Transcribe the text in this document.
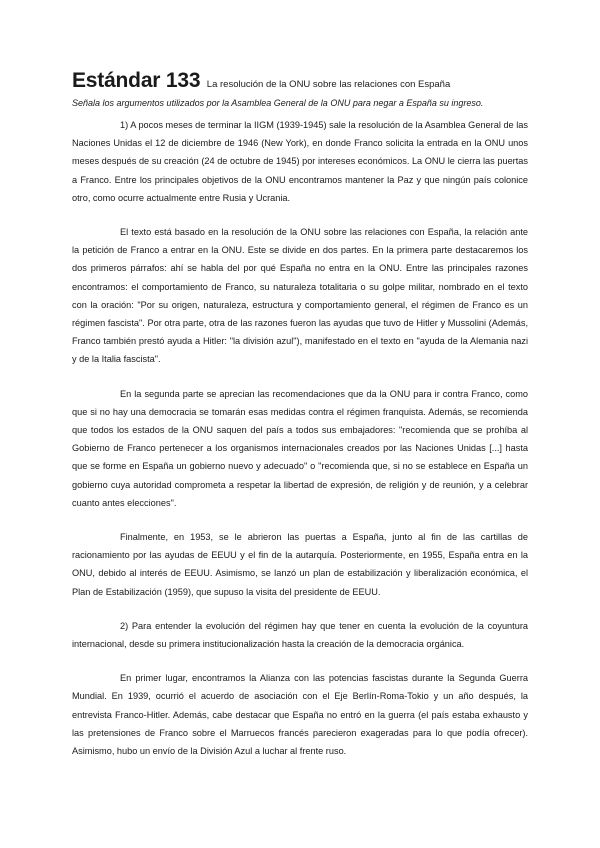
Estándar 133 La resolución de la ONU sobre las relaciones con España
Señala los argumentos utilizados por la Asamblea General de la ONU para negar a España su ingreso.

1) A pocos meses de terminar la IIGM (1939-1945) sale la resolución de la Asamblea General de las Naciones Unidas el 12 de diciembre de 1946 (New York), en donde Franco solicita la entrada en la ONU unos meses después de su creación (24 de octubre de 1945) por intereses económicos. La ONU le cierra las puertas a Franco. Entre los principales objetivos de la ONU encontramos mantener la Paz y que ningún país colonice otro, como ocurre actualmente entre Rusia y Ucrania.

El texto está basado en la resolución de la ONU sobre las relaciones con España, la relación ante la petición de Franco a entrar en la ONU. Este se divide en dos partes. En la primera parte destacaremos los dos primeros párrafos: ahí se habla del por qué España no entra en la ONU. Entre las principales razones encontramos: el comportamiento de Franco, su naturaleza totalitaria o su golpe militar, nombrado en el texto con la oración: "Por su origen, naturaleza, estructura y comportamiento general, el régimen de Franco es un régimen fascista". Por otra parte, otra de las razones fueron las ayudas que tuvo de Hitler y Mussolini (Además, Franco también prestó ayuda a Hitler: "la división azul"), manifestado en el texto en "ayuda de la Alemania nazi y de la Italia fascista".

En la segunda parte se aprecian las recomendaciones que da la ONU para ir contra Franco, como que si no hay una democracia se tomarán esas medidas contra el régimen franquista. Además, se recomienda que todos los estados de la ONU saquen del país a todos sus embajadores: "recomienda que se prohíba al Gobierno de Franco pertenecer a los organismos internacionales creados por las Naciones Unidas [...] hasta que se forme en España un gobierno nuevo y adecuado" o "recomienda que, si no se establece en España un gobierno cuya autoridad comprometa a respetar la libertad de expresión, de religión y de reunión, y a celebrar cuanto antes elecciones".

Finalmente, en 1953, se le abrieron las puertas a España, junto al fin de las cartillas de racionamiento por las ayudas de EEUU y el fin de la autarquía. Posteriormente, en 1955, España entra en la ONU, debido al interés de EEUU. Asimismo, se lanzó un plan de estabilización y liberalización económica, el Plan de Estabilización (1959), que supuso la visita del presidente de EEUU.

2) Para entender la evolución del régimen hay que tener en cuenta la evolución de la coyuntura internacional, desde su primera institucionalización hasta la creación de la democracia orgánica.

En primer lugar, encontramos la Alianza con las potencias fascistas durante la Segunda Guerra Mundial. En 1939, ocurrió el acuerdo de asociación con el Eje Berlín-Roma-Tokio y un año después, la entrevista Franco-Hitler. Además, cabe destacar que España no entró en la guerra (el país estaba exhausto y las pretensiones de Franco sobre el Marruecos francés parecieron exageradas para lo que podía ofrecer). Asimismo, hubo un envío de la División Azul a luchar al frente ruso.
